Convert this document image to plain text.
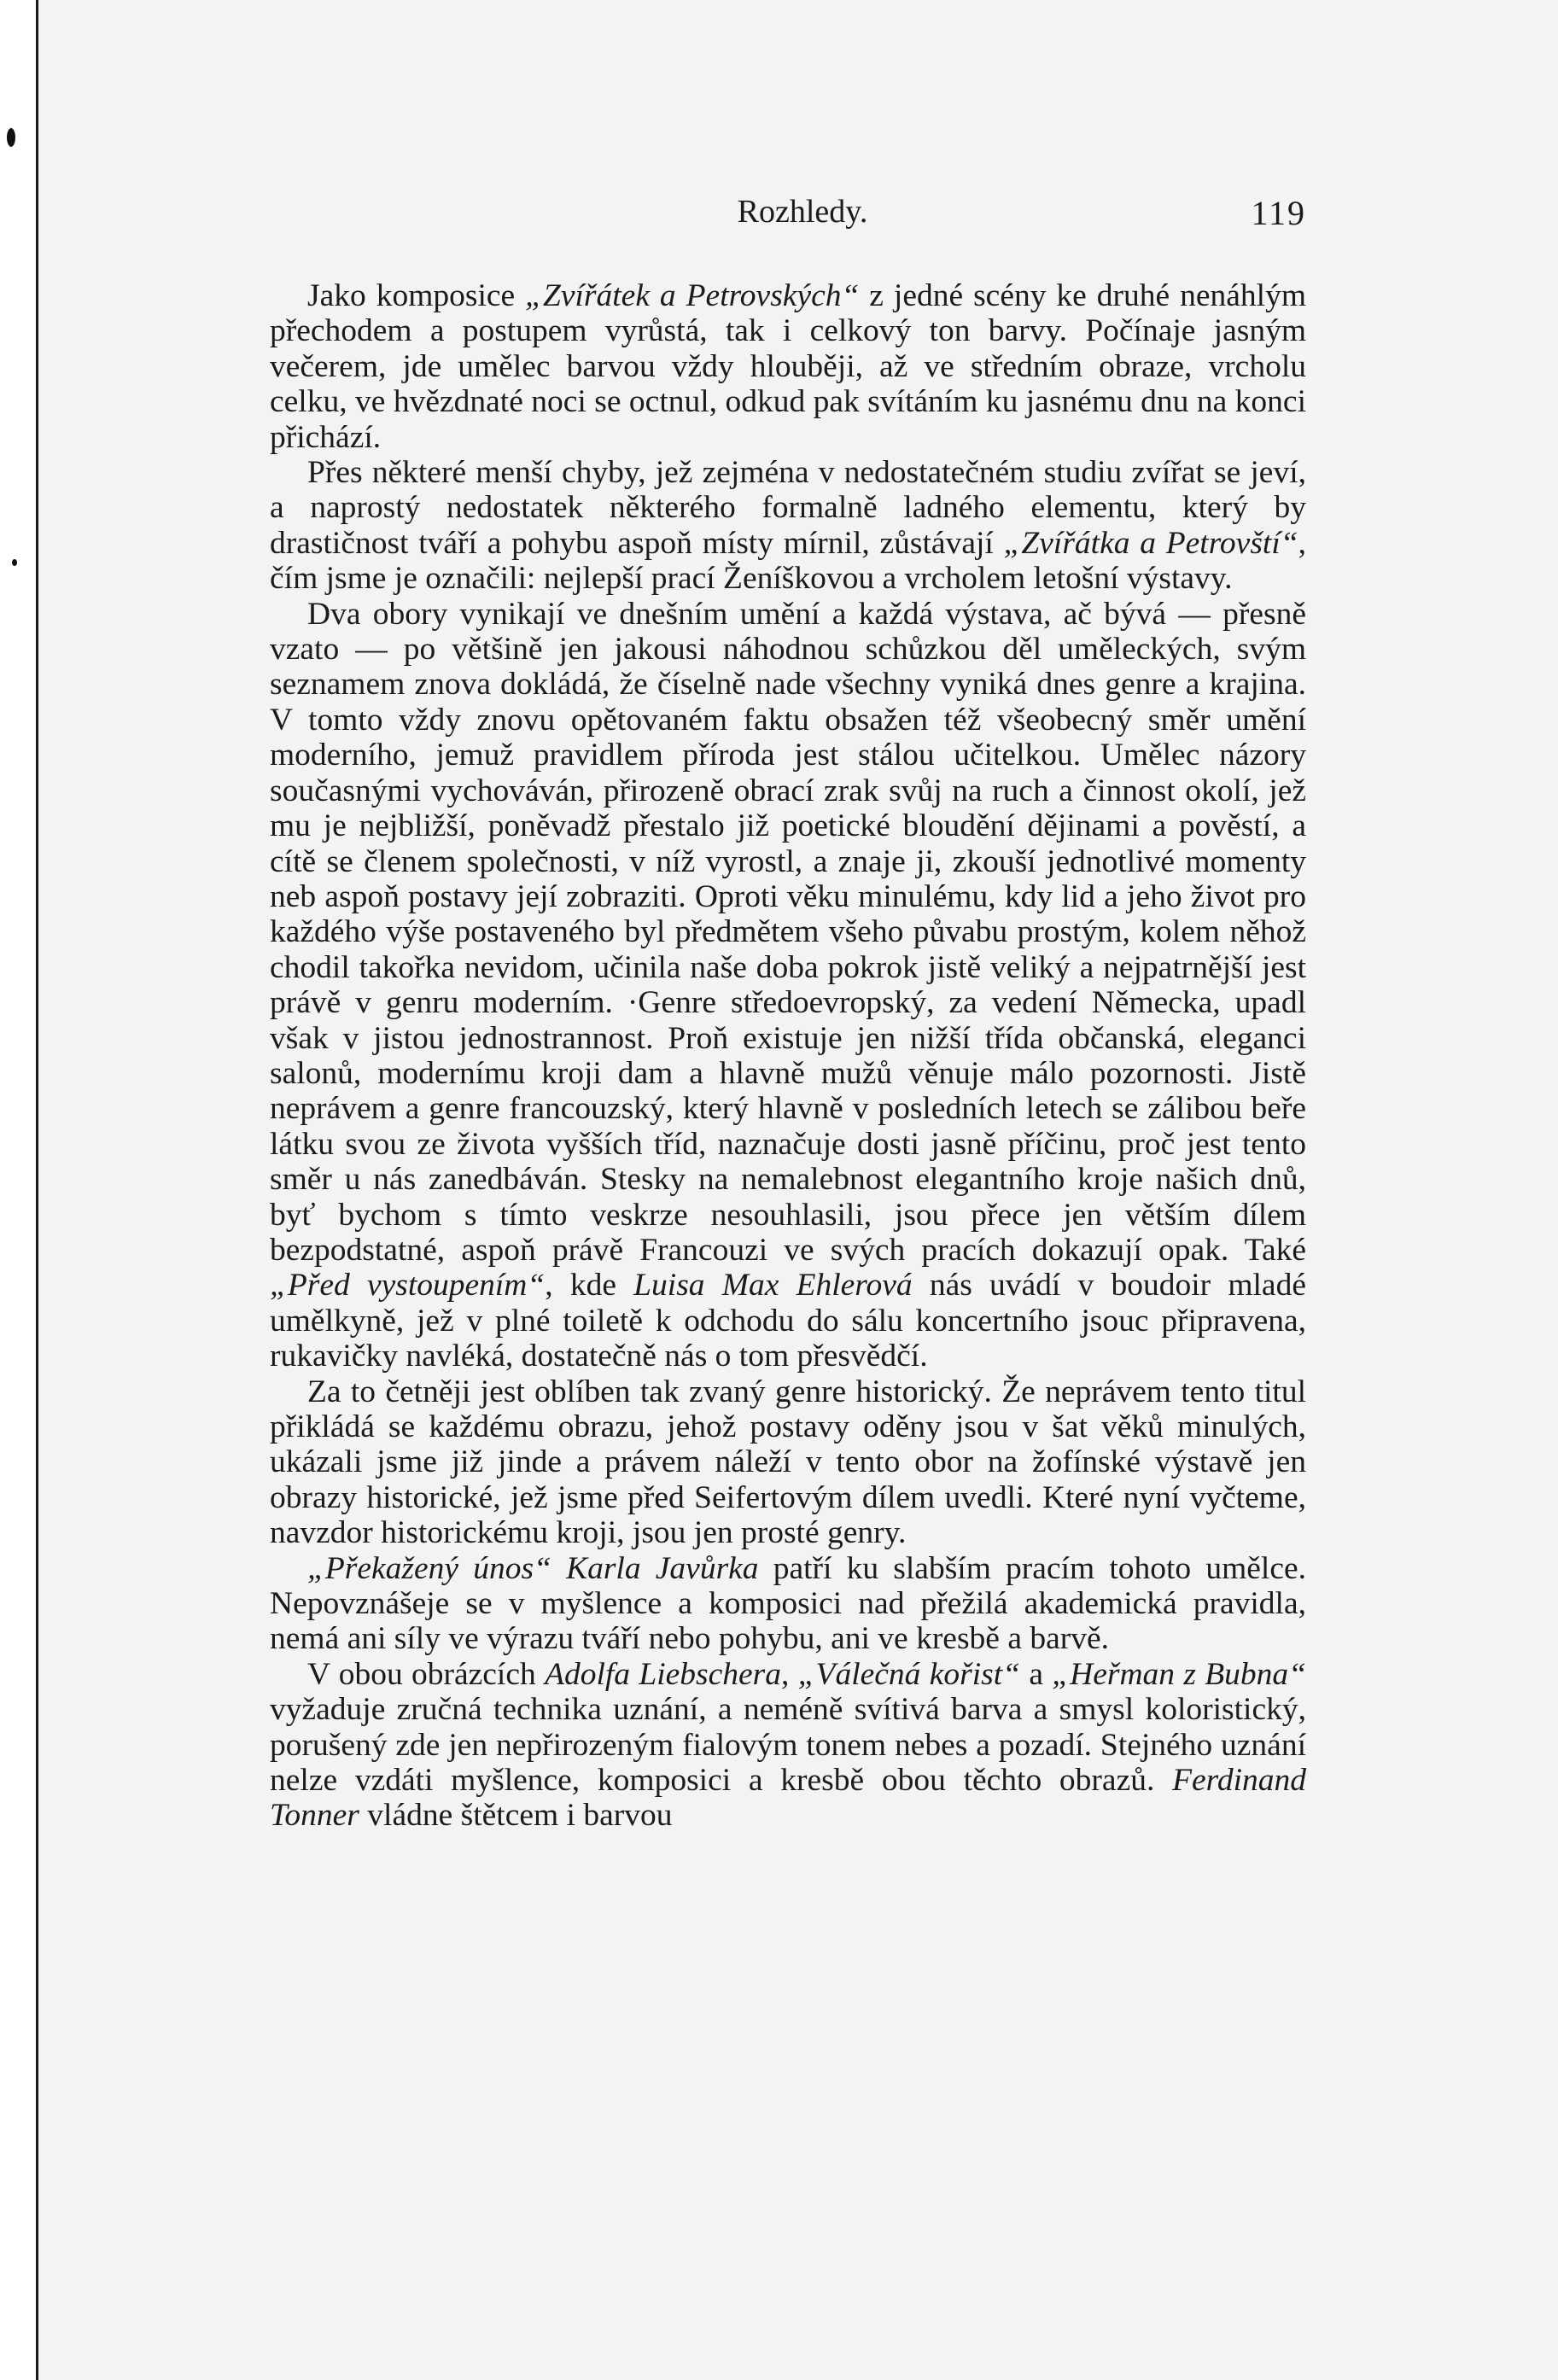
Rozhledy.	119

Jako komposice „Zvířátek a Petrovských“ z jedné scény ke druhé nenáhlým přechodem a postupem vyrůstá, tak i celkový ton barvy. Počínaje jasným večerem, jde umělec barvou vždy hlouběji, až ve středním obraze, vrcholu celku, ve hvězdnaté noci se octnul, odkud pak svítáním ku jasnému dnu na konci přichází.

Přes některé menší chyby, jež zejména v nedostatečném studiu zvířat se jeví, a naprostý nedostatek některého formalně ladného elementu, který by drastičnost tváří a pohybu aspoň místy mírnil, zůstávají „Zvířátka a Petrovští“, čím jsme je označili: nejlepší prací Ženíškovou a vrcholem letošní výstavy.

Dva obory vynikají ve dnešním umění a každá výstava, ač bývá — přesně vzato — po většině jen jakousi náhodnou schůzkou děl uměleckých, svým seznamem znova dokládá, že číselně nade všechny vyniká dnes genre a krajina. V tomto vždy znovu opětovaném faktu obsažen též všeobecný směr umění moderního, jemuž pravidlem příroda jest stálou učitelkou. Umělec názory současnými vychováván, přirozeně obrací zrak svůj na ruch a činnost okolí, jež mu je nejbližší, poněvadž přestalo již poetické bloudění dějinami a pověstí, a cítě se členem společnosti, v níž vyrostl, a znaje ji, zkouší jednotlivé momenty neb aspoň postavy její zobraziti. Oproti věku minulému, kdy lid a jeho život pro každého výše postaveného byl předmětem všeho půvabu prostým, kolem něhož chodil takořka nevidom, učinila naše doba pokrok jistě veliký a nejpatrnější jest právě v genru moderním. ·Genre středoevropský, za vedení Německa, upadl však v jistou jednostrannost. Proň existuje jen nižší třída občanská, eleganci salonů, modernímu kroji dam a hlavně mužů věnuje málo pozornosti. Jistě neprávem a genre francouzský, který hlavně v posledních letech se zálibou beře látku svou ze života vyšších tříd, naznačuje dosti jasně příčinu, proč jest tento směr u nás zanedbáván. Stesky na nemalebnost elegantního kroje našich dnů, byť bychom s tímto veskrze nesouhlasili, jsou přece jen větším dílem bezpodstatné, aspoň právě Francouzi ve svých pracích dokazují opak. Také „Před vystoupením“, kde Luisa Max Ehlerová nás uvádí v boudoir mladé umělkyně, jež v plné toiletě k odchodu do sálu koncertního jsouc připravena, rukavičky navléká, dostatečně nás o tom přesvědčí.

Za to četněji jest oblíben tak zvaný genre historický. Že neprávem tento titul přikládá se každému obrazu, jehož postavy oděny jsou v šat věků minulých, ukázali jsme již jinde a právem náleží v tento obor na žofínské výstavě jen obrazy historické, jež jsme před Seifertovým dílem uvedli. Které nyní vyčteme, navzdor historickému kroji, jsou jen prosté genry.

„Překažený únos“ Karla Javůrka patří ku slabším pracím tohoto umělce. Nepovznášeje se v myšlence a komposici nad přežilá akademická pravidla, nemá ani síly ve výrazu tváří nebo pohybu, ani ve kresbě a barvě.

V obou obrázcích Adolfa Liebschera, „Válečná kořist“ a „Heřman z Bubna“ vyžaduje zručná technika uznání, a neméně svítivá barva a smysl koloristický, porušený zde jen nepřirozeným fialovým tonem nebes a pozadí. Stejného uznání nelze vzdáti myšlence, komposici a kresbě obou těchto obrazů. Ferdinand Tonner vládne štětcem i barvou
